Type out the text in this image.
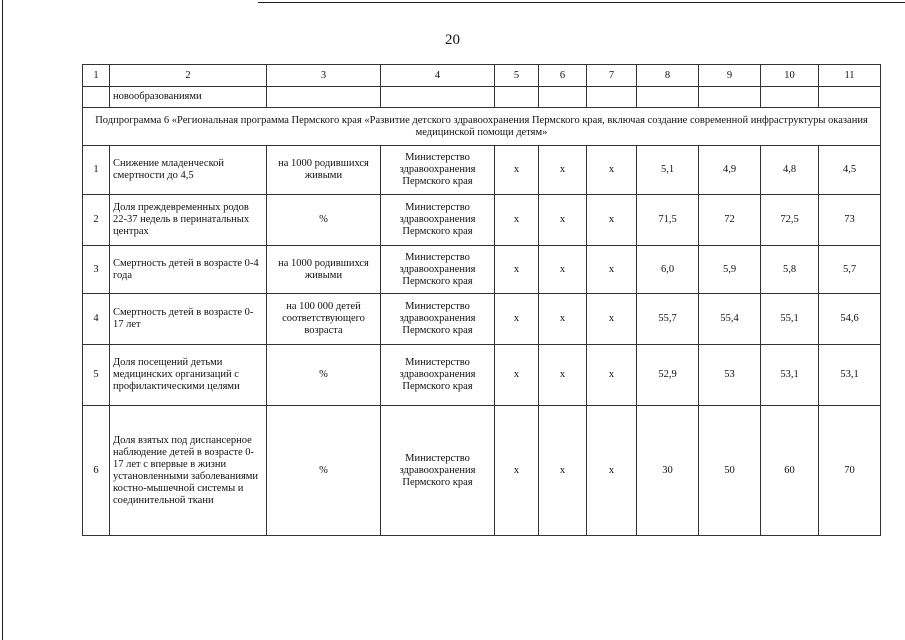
20
1	2	3	4	5	6	7	8	9	10	11
	новообразованиями									
Подпрограмма 6 «Региональная программа Пермского края «Развитие детского здравоохранения Пермского края, включая создание современной инфраструктуры оказания медицинской помощи детям»										
1	Снижение младенческой смертности до 4,5	на 1000 родившихся живыми	Министерство здравоохранения Пермского края	х	х	х	5,1	4,9	4,8	4,5
2	Доля преждевременных родов 22-37 недель в перинатальных центрах	%	Министерство здравоохранения Пермского края	х	х	х	71,5	72	72,5	73
3	Смертность детей в возрасте 0-4 года	на 1000 родившихся живыми	Министерство здравоохранения Пермского края	х	х	х	6,0	5,9	5,8	5,7
4	Смертность детей в возрасте 0-17 лет	на 100 000 детей соответствующего возраста	Министерство здравоохранения Пермского края	х	х	х	55,7	55,4	55,1	54,6
5	Доля посещений детьми медицинских организаций с профилактическими целями	%	Министерство здравоохранения Пермского края	х	х	х	52,9	53	53,1	53,1
6	Доля взятых под диспансерное наблюдение детей в возрасте 0-17 лет с впервые в жизни установленными заболеваниями костно-мышечной системы и соединительной ткани	%	Министерство здравоохранения Пермского края	х	х	х	30	50	60	70
